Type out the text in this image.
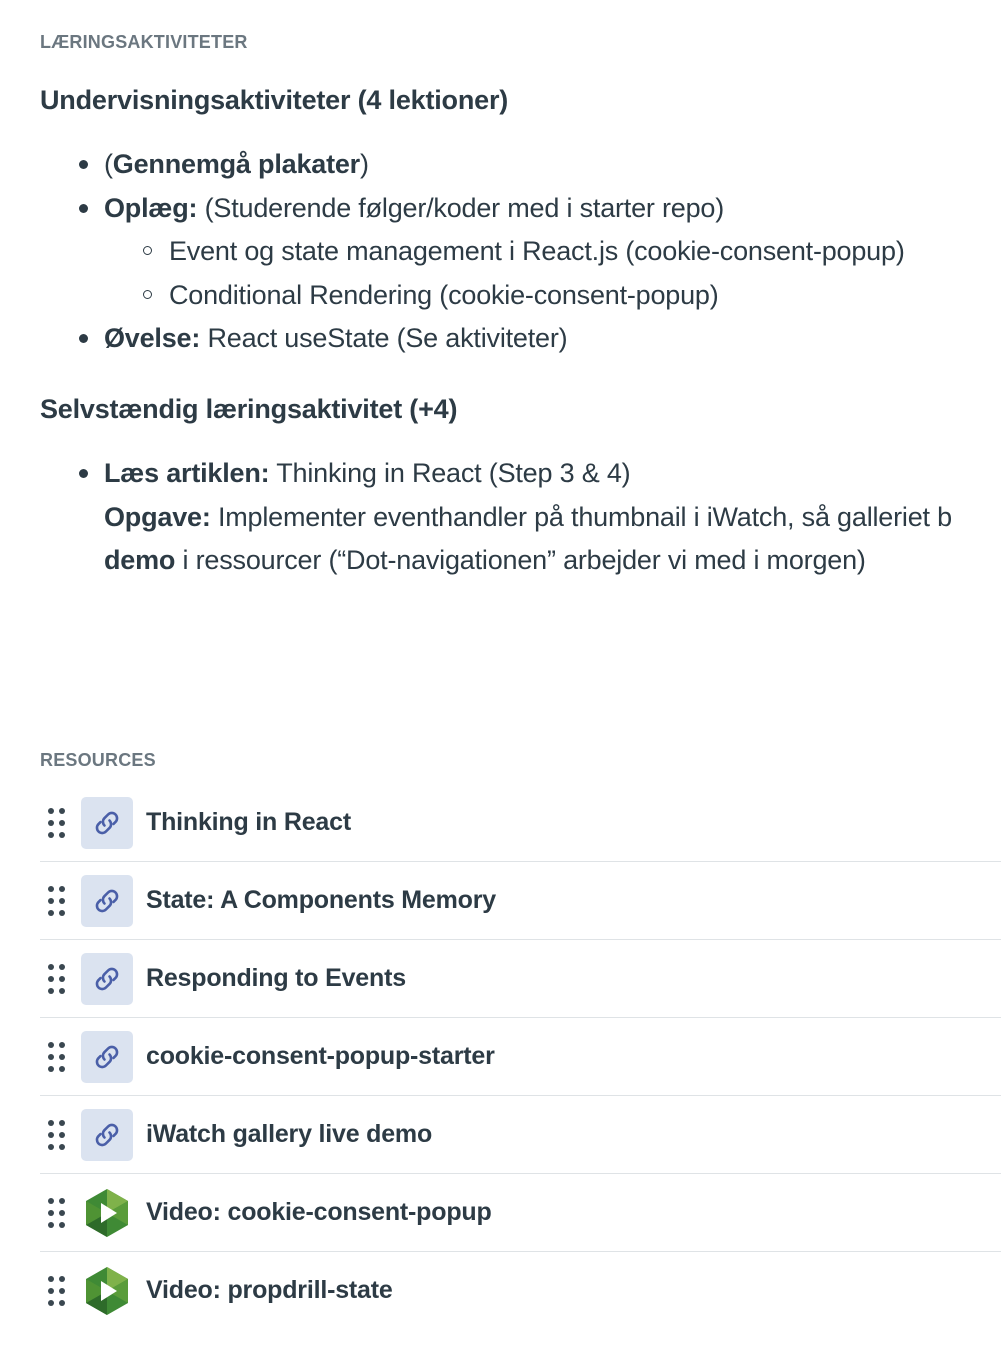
LÆRINGSAKTIVITETER
Undervisningsaktiviteter (4 lektioner)
(Gennemgå plakater)
Oplæg: (Studerende følger/koder med i starter repo)
Event og state management i React.js (cookie-consent-popup)
Conditional Rendering (cookie-consent-popup)
Øvelse: React useState (Se aktiviteter)
Selvstændig læringsaktivitet (+4)
Læs artiklen: Thinking in React (Step 3 & 4)
Opgave: Implementer eventhandler på thumbnail i iWatch, så galleriet b
demo i ressourcer (“Dot-navigationen” arbejder vi med i morgen)
RESOURCES
Thinking in React
State: A Components Memory
Responding to Events
cookie-consent-popup-starter
iWatch gallery live demo
Video: cookie-consent-popup
Video: propdrill-state
